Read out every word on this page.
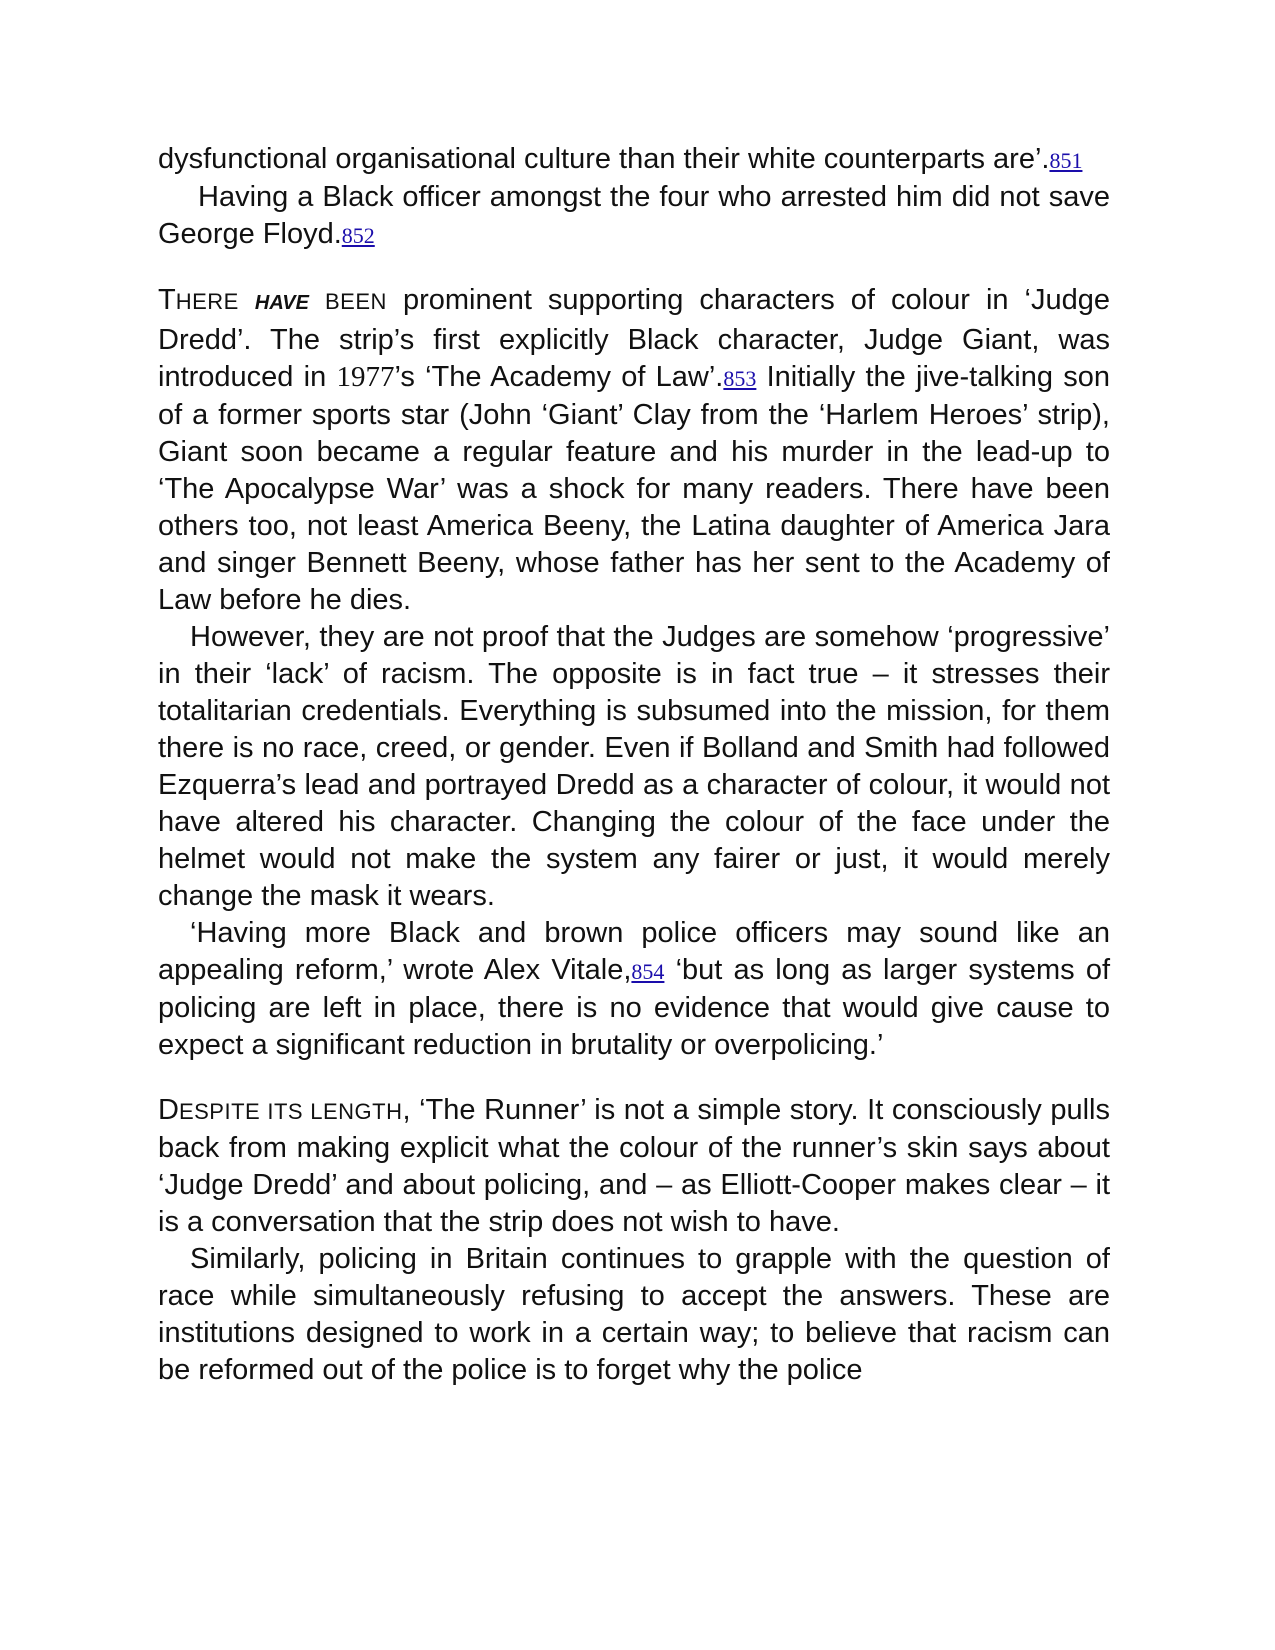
dysfunctional organisational culture than their white counterparts are’.851

Having a Black officer amongst the four who arrested him did not save George Floyd.852

THERE HAVE BEEN prominent supporting characters of colour in ‘Judge Dredd’. The strip’s first explicitly Black character, Judge Giant, was introduced in 1977’s ‘The Academy of Law’.853 Initially the jive-talking son of a former sports star (John ‘Giant’ Clay from the ‘Harlem Heroes’ strip), Giant soon became a regular feature and his murder in the lead-up to ‘The Apocalypse War’ was a shock for many readers. There have been others too, not least America Beeny, the Latina daughter of America Jara and singer Bennett Beeny, whose father has her sent to the Academy of Law before he dies.

However, they are not proof that the Judges are somehow ‘progressive’ in their ‘lack’ of racism. The opposite is in fact true – it stresses their totalitarian credentials. Everything is subsumed into the mission, for them there is no race, creed, or gender. Even if Bolland and Smith had followed Ezquerra’s lead and portrayed Dredd as a character of colour, it would not have altered his character. Changing the colour of the face under the helmet would not make the system any fairer or just, it would merely change the mask it wears.

‘Having more Black and brown police officers may sound like an appealing reform,’ wrote Alex Vitale,854 ‘but as long as larger systems of policing are left in place, there is no evidence that would give cause to expect a significant reduction in brutality or overpolicing.’

DESPITE ITS LENGTH, ‘The Runner’ is not a simple story. It consciously pulls back from making explicit what the colour of the runner’s skin says about ‘Judge Dredd’ and about policing, and – as Elliott-Cooper makes clear – it is a conversation that the strip does not wish to have.

Similarly, policing in Britain continues to grapple with the question of race while simultaneously refusing to accept the answers. These are institutions designed to work in a certain way; to believe that racism can be reformed out of the police is to forget why the police
